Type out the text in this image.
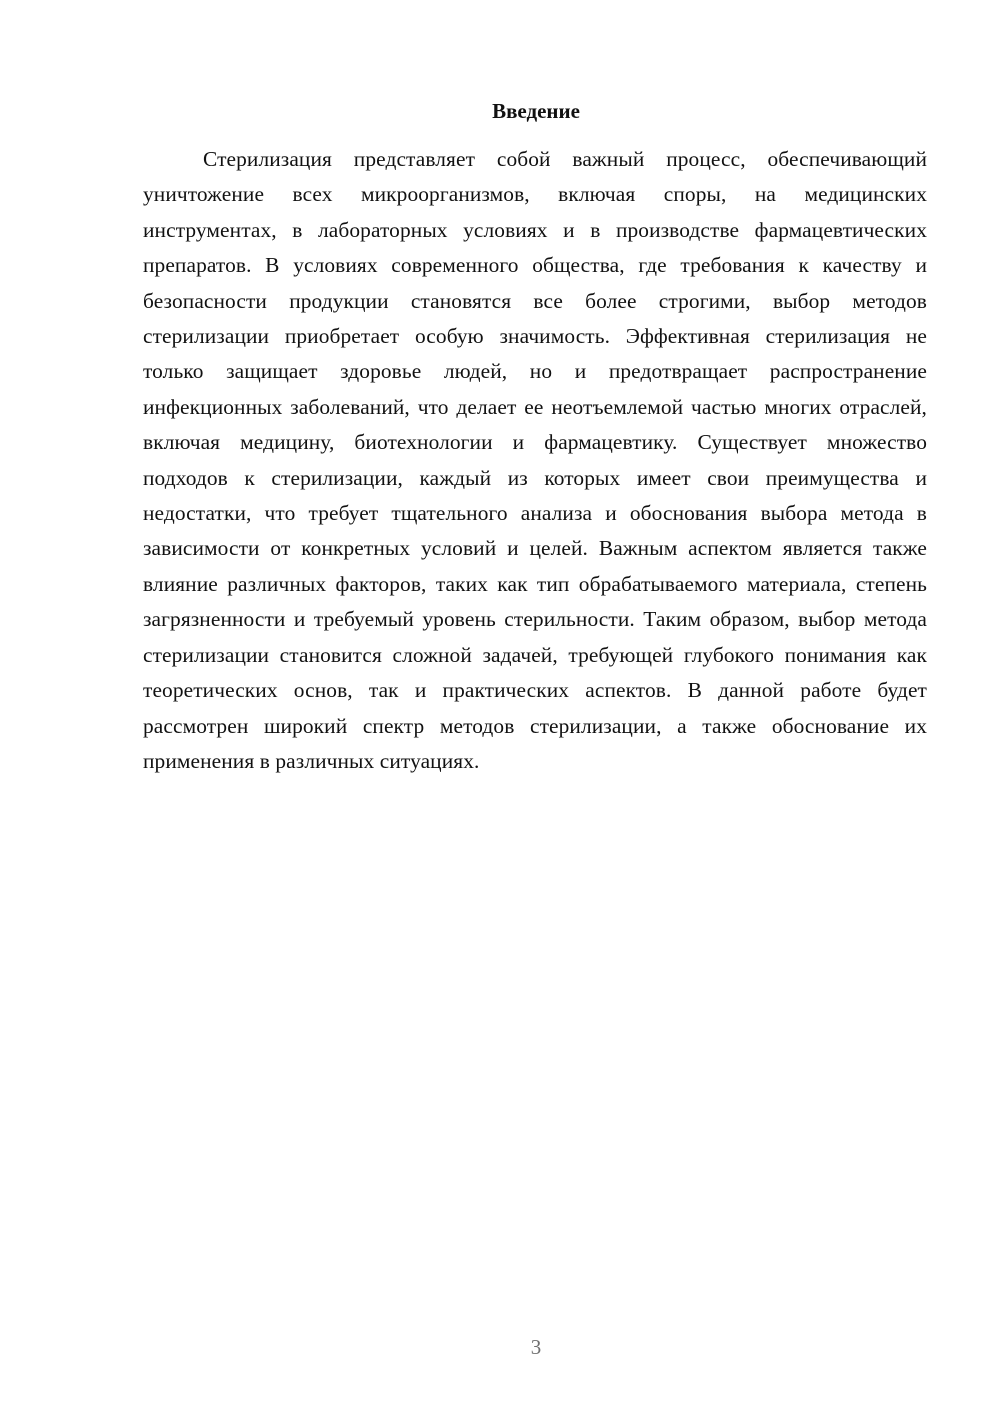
Введение

Стерилизация представляет собой важный процесс, обеспечивающий уничтожение всех микроорганизмов, включая споры, на медицинских инструментах, в лабораторных условиях и в производстве фармацевтических препаратов. В условиях современного общества, где требования к качеству и безопасности продукции становятся все более строгими, выбор методов стерилизации приобретает особую значимость. Эффективная стерилизация не только защищает здоровье людей, но и предотвращает распространение инфекционных заболеваний, что делает ее неотъемлемой частью многих отраслей, включая медицину, биотехнологии и фармацевтику. Существует множество подходов к стерилизации, каждый из которых имеет свои преимущества и недостатки, что требует тщательного анализа и обоснования выбора метода в зависимости от конкретных условий и целей. Важным аспектом является также влияние различных факторов, таких как тип обрабатываемого материала, степень загрязненности и требуемый уровень стерильности. Таким образом, выбор метода стерилизации становится сложной задачей, требующей глубокого понимания как теоретических основ, так и практических аспектов. В данной работе будет рассмотрен широкий спектр методов стерилизации, а также обоснование их применения в различных ситуациях.

3
